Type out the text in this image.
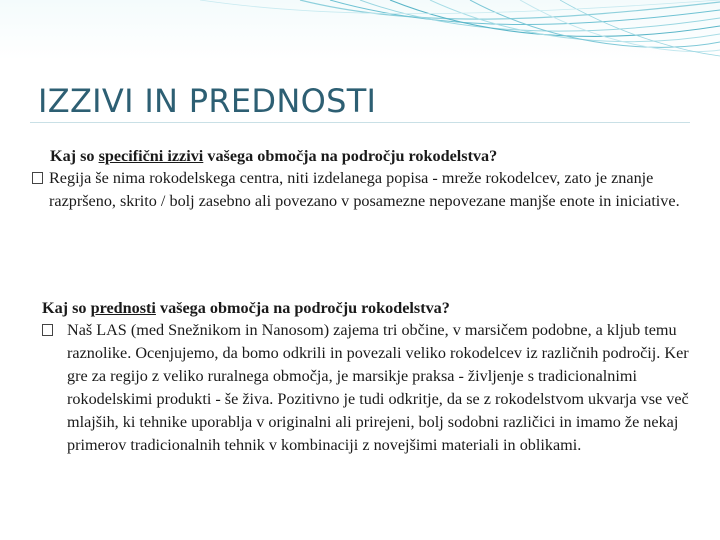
IZZIVI IN PREDNOSTI

Kaj so specifični izzivi vašega območja na področju rokodelstva?

Regija še nima rokodelskega centra, niti izdelanega popisa - mreže rokodelcev, zato je znanje razpršeno, skrito / bolj zasebno ali povezano v posamezne nepovezane manjše enote in iniciative.

Kaj so prednosti vašega območja na področju rokodelstva?

Naš LAS (med Snežnikom in Nanosom) zajema tri občine, v marsičem podobne, a kljub temu raznolike. Ocenjujemo, da bomo odkrili in povezali veliko rokodelcev iz različnih področij. Ker gre za regijo z veliko ruralnega območja, je marsikje praksa - življenje s tradicionalnimi rokodelskimi produkti - še živa. Pozitivno je tudi odkritje, da se z rokodelstvom ukvarja vse več mlajših, ki tehnike uporablja v originalni ali prirejeni, bolj sodobni različici in imamo že nekaj primerov tradicionalnih tehnik v kombinaciji z novejšimi materiali in oblikami.
